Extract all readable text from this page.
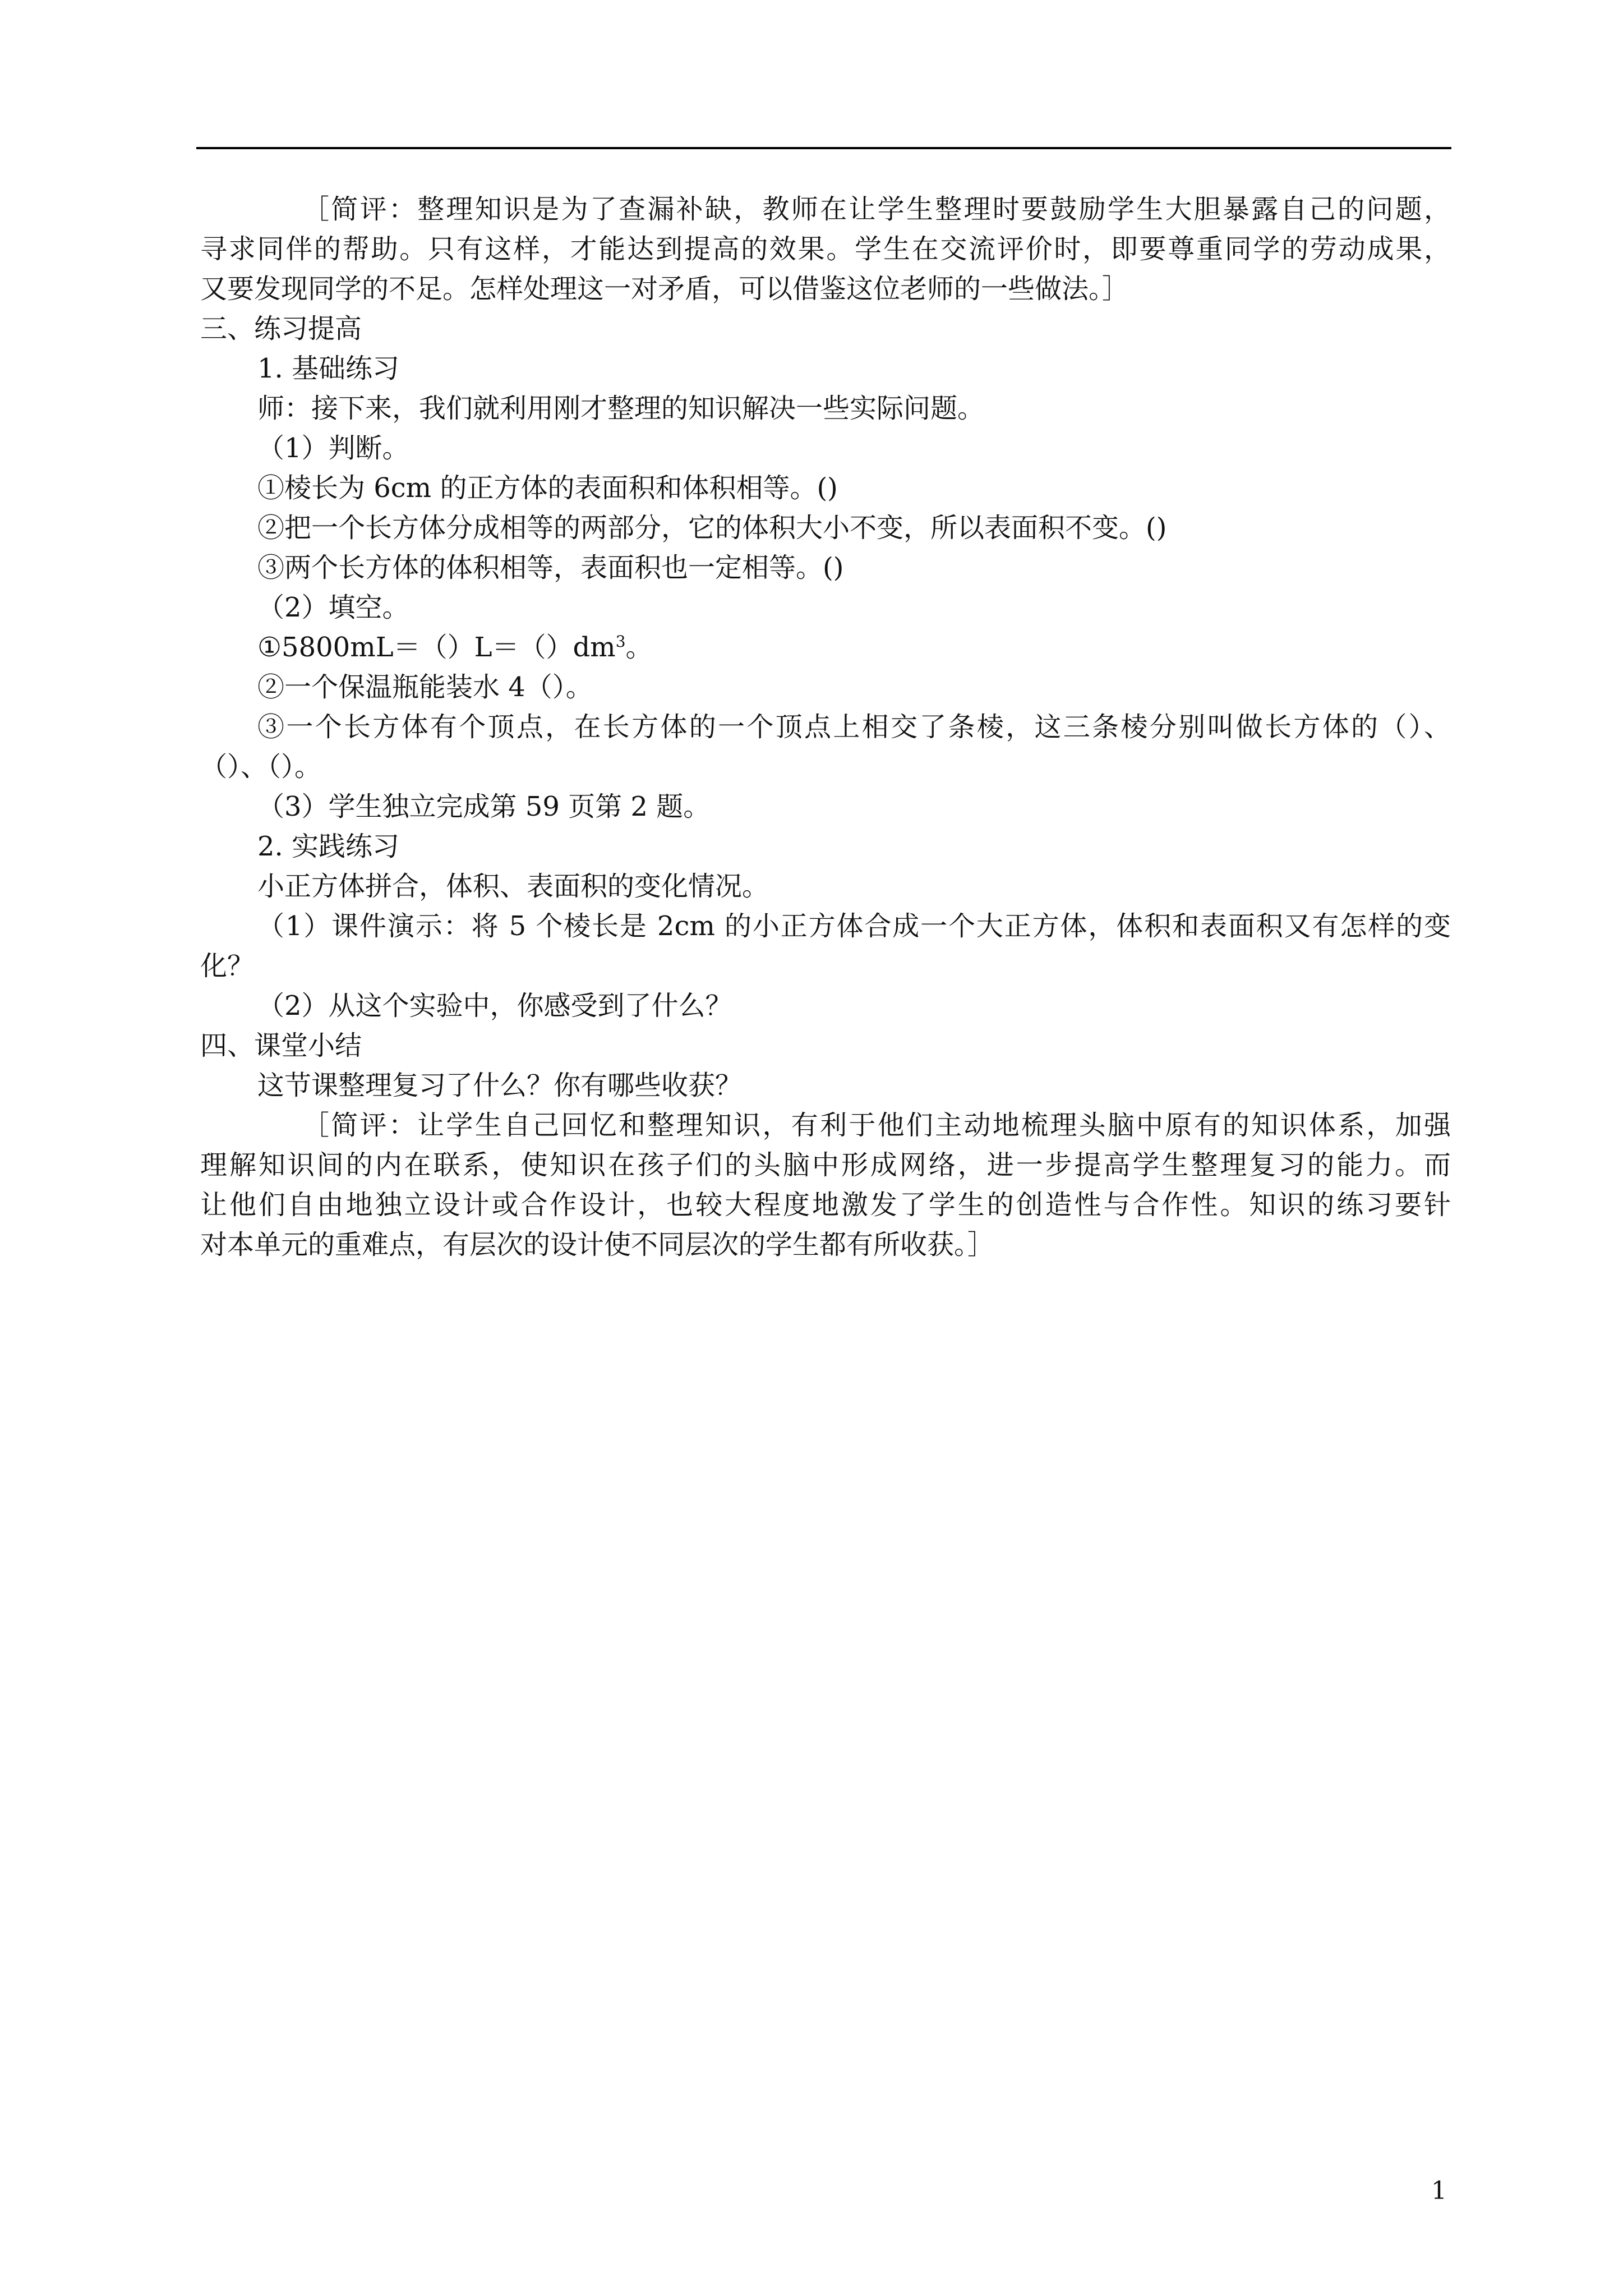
［简评：整理知识是为了查漏补缺，教师在让学生整理时要鼓励学生大胆暴露自己的问题，
寻求同伴的帮助。只有这样，才能达到提高的效果。学生在交流评价时，即要尊重同学的劳动成果，
又要发现同学的不足。怎样处理这一对矛盾，可以借鉴这位老师的一些做法。］
三、练习提高
1. 基础练习
师：接下来，我们就利用刚才整理的知识解决一些实际问题。
（1）判断。
①棱长为 6cm 的正方体的表面积和体积相等。()
②把一个长方体分成相等的两部分，它的体积大小不变，所以表面积不变。()
③两个长方体的体积相等，表面积也一定相等。()
（2）填空。
$①5800mL=()L=()dm^3$。
②一个保温瓶能装水 4（）。
③一个长方体有个顶点，在长方体的一个顶点上相交了条棱，这三条棱分别叫做长方体的（）、
（）、（）。
（3）学生独立完成第 59 页第 2 题。
2. 实践练习
小正方体拼合，体积、表面积的变化情况。
（1）课件演示：将 5 个棱长是 2cm 的小正方体合成一个大正方体，体积和表面积又有怎样的变
化？
（2）从这个实验中，你感受到了什么？
四、课堂小结
这节课整理复习了什么？你有哪些收获？
［简评：让学生自己回忆和整理知识，有利于他们主动地梳理头脑中原有的知识体系，加强
理解知识间的内在联系，使知识在孩子们的头脑中形成网络，进一步提高学生整理复习的能力。而
让他们自由地独立设计或合作设计，也较大程度地激发了学生的创造性与合作性。知识的练习要针
对本单元的重难点，有层次的设计使不同层次的学生都有所收获。］
1
